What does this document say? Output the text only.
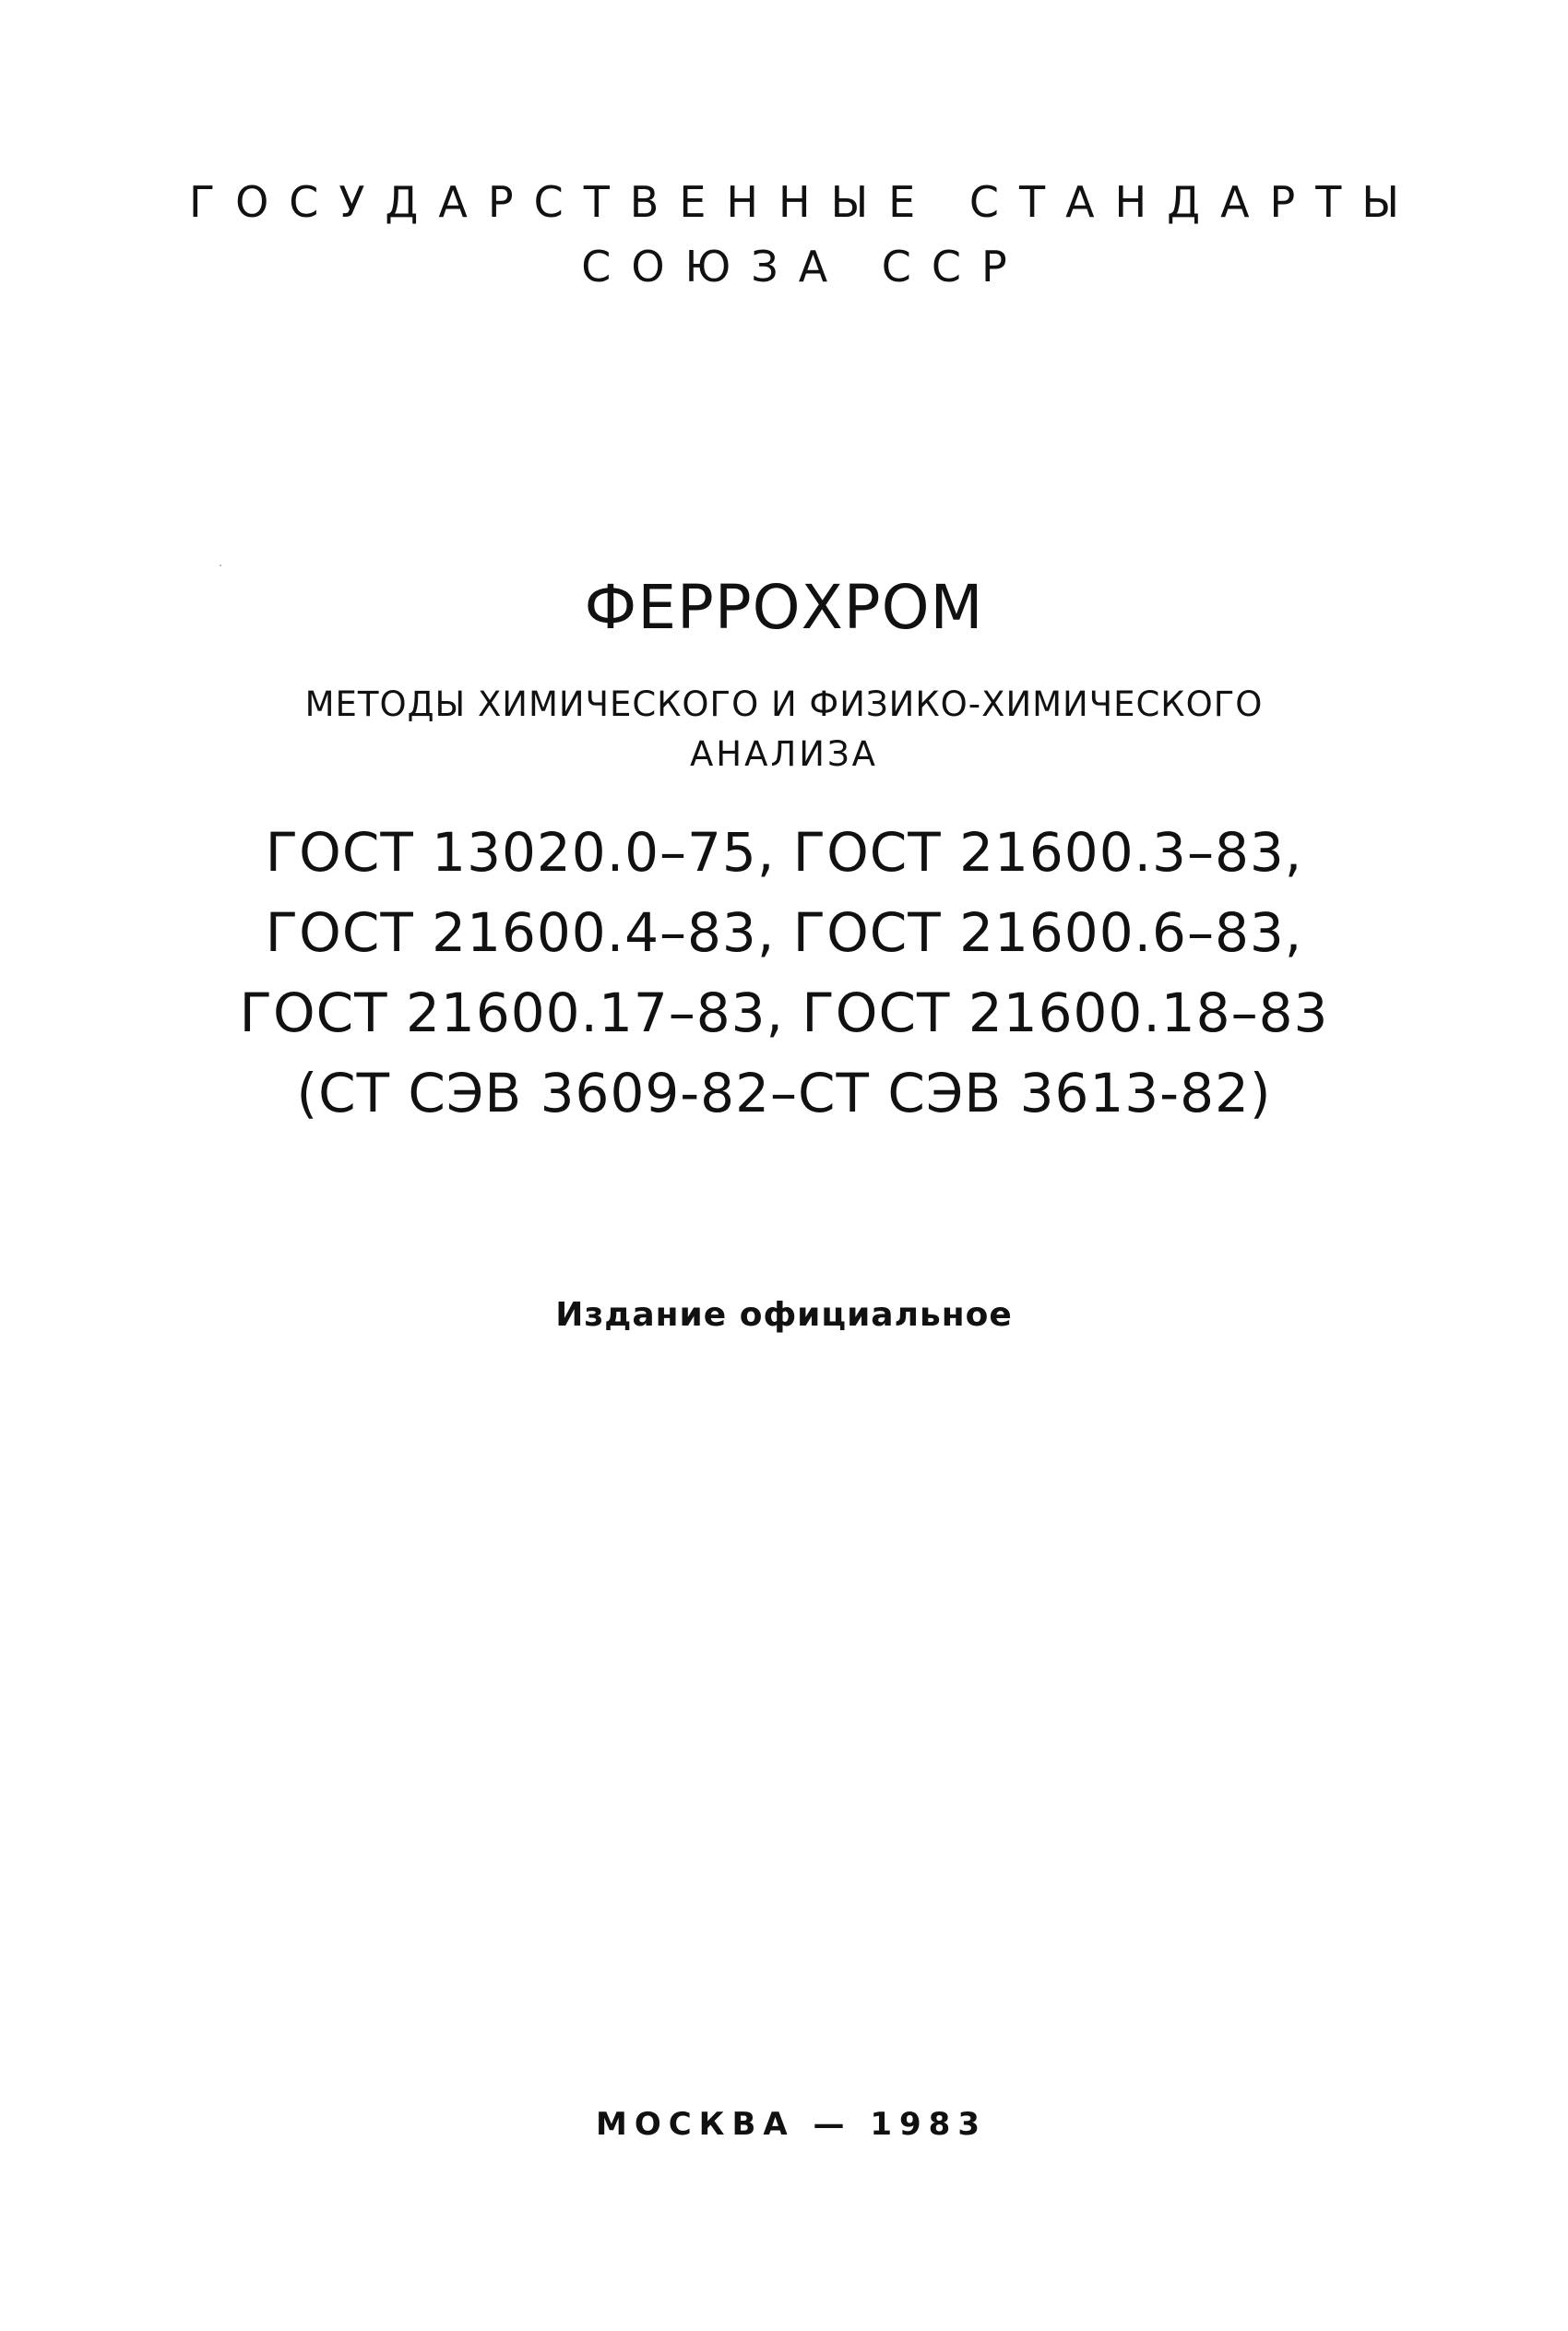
ГОСУДАРСТВЕННЫЕ СТАНДАРТЫ

СОЮЗА ССР

ФЕРРОХРОМ

МЕТОДЫ ХИМИЧЕСКОГО И ФИЗИКО-ХИМИЧЕСКОГО

АНАЛИЗА

ГОСТ 13020.0–75, ГОСТ 21600.3–83,

ГОСТ 21600.4–83, ГОСТ 21600.6–83,

ГОСТ 21600.17–83, ГОСТ 21600.18–83

(СТ СЭВ 3609-82–СТ СЭВ 3613-82)

Издание официальное

МОСКВА — 1983
